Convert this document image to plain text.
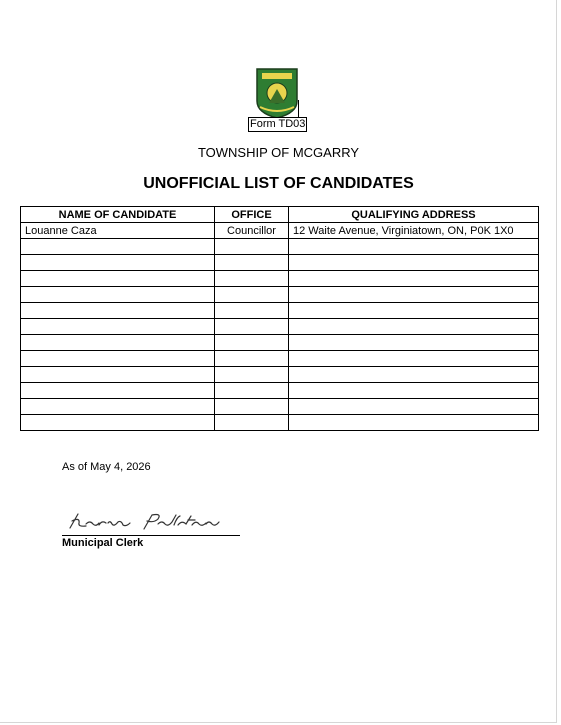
Form TD03
TOWNSHIP OF MCGARRY
UNOFFICIAL LIST OF CANDIDATES
NAME OF CANDIDATE	OFFICE	QUALIFYING ADDRESS
Louanne Caza	Councillor	12 Waite Avenue, Virginiatown, ON, P0K 1X0

As of May 4, 2026
Municipal Clerk
